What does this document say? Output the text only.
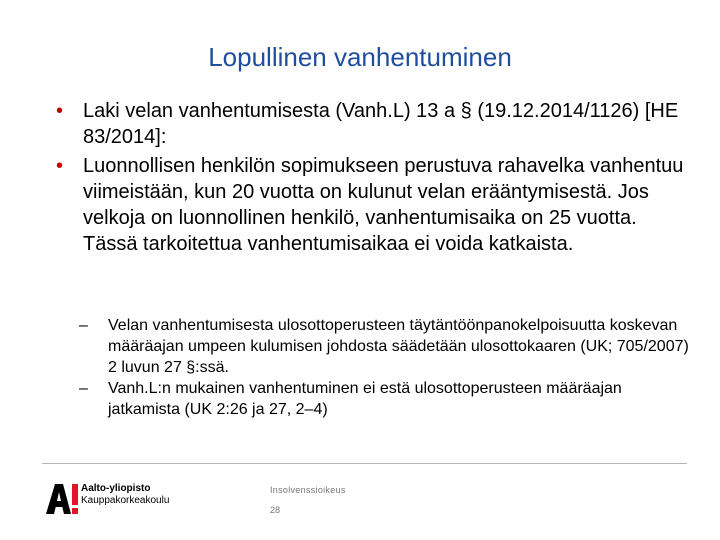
Lopullinen vanhentuminen
• Laki velan vanhentumisesta (Vanh.L) 13 a § (19.12.2014/1126) [HE 83/2014]:
• Luonnollisen henkilön sopimukseen perustuva rahavelka vanhentuu viimeistään, kun 20 vuotta on kulunut velan erääntymisestä. Jos velkoja on luonnollinen henkilö, vanhentumisaika on 25 vuotta. Tässä tarkoitettua vanhentumisaikaa ei voida katkaista.
– Velan vanhentumisesta ulosottoperusteen täytäntöönpanokelpoisuutta koskevan määräajan umpeen kulumisen johdosta säädetään ulosottokaaren (UK; 705/2007) 2 luvun 27 §:ssä.
– Vanh.L:n mukainen vanhentuminen ei estä ulosottoperusteen määräajan jatkamista (UK 2:26 ja 27, 2–4)
Aalto-yliopisto
Kauppakorkeakoulu
Insolvenssioikeus
28
